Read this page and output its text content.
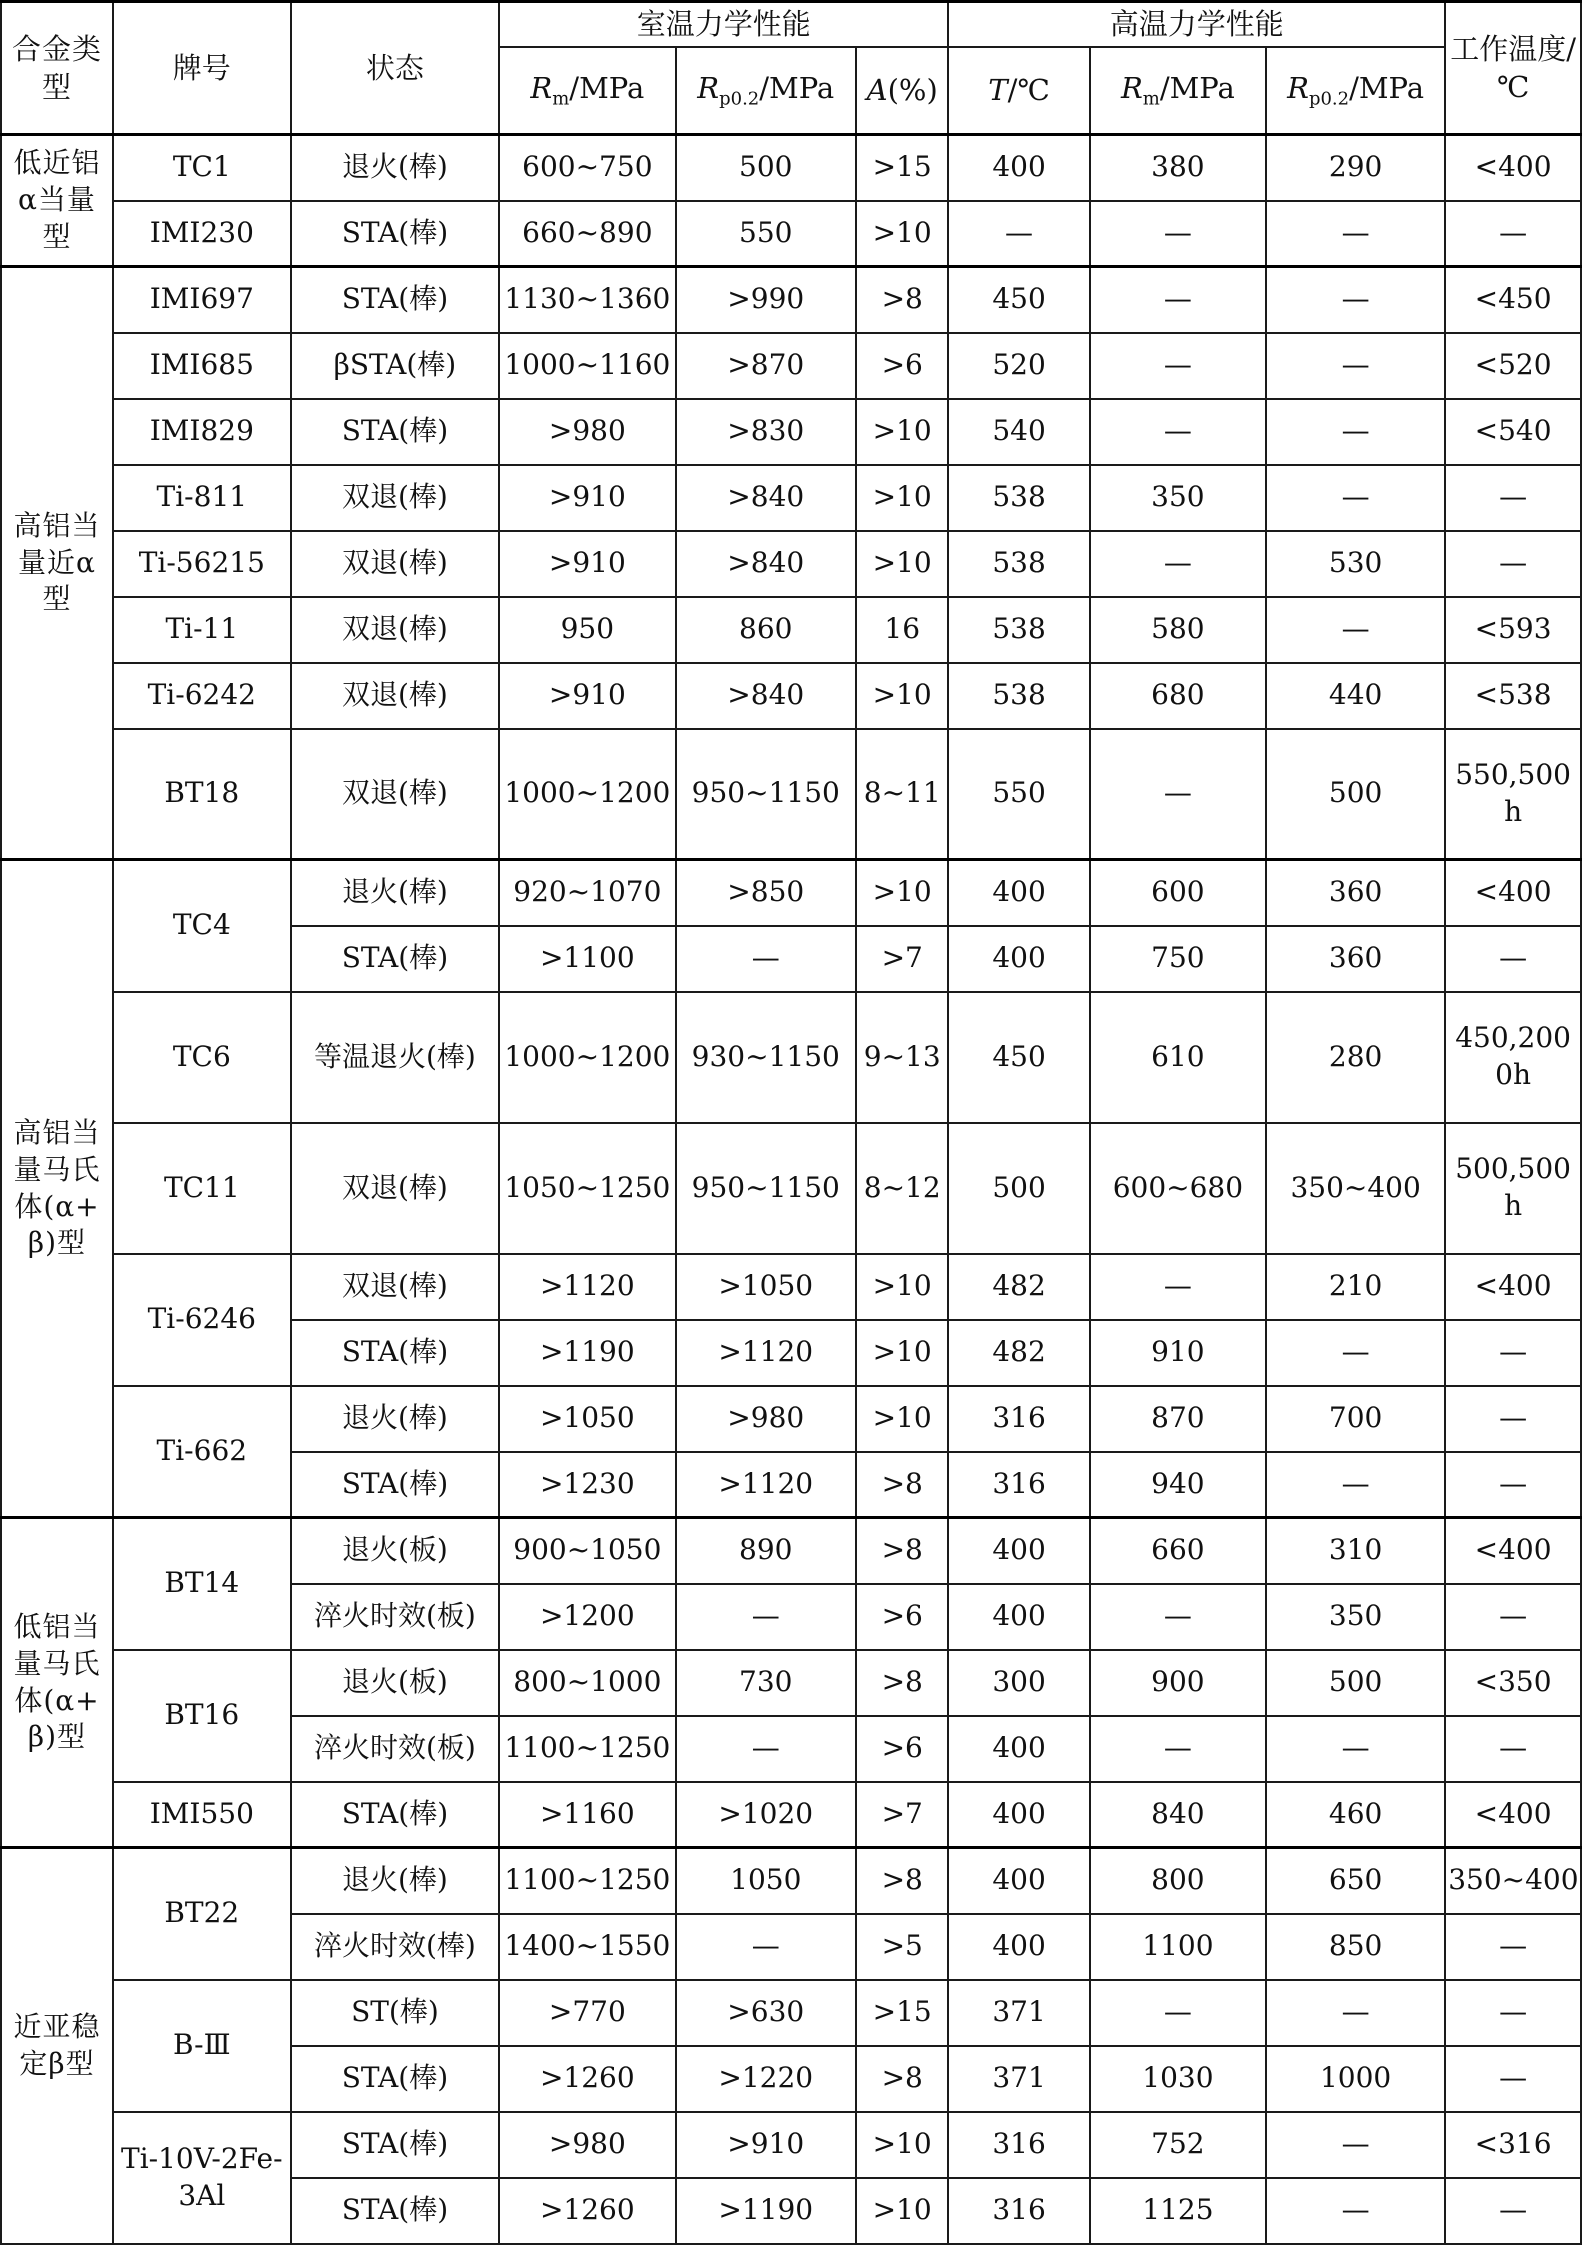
合金类型	牌号	状态	室温力学性能			高温力学性能			工作温度/℃
			$R_m$/MPa	$R_{p0.2}$/MPa	A(%)	T/℃	$R_m$/MPa	$R_{p0.2}$/MPa	
低近铝α当量型	TC1	退火(棒)	600~750	500	>15	400	380	290	<400
	IMI230	STA(棒)	660~890	550	>10	—	—	—	—
高铝当量近α型	IMI697	STA(棒)	1130~1360	>990	>8	450	—	—	<450
	IMI685	βSTA(棒)	1000~1160	>870	>6	520	—	—	<520
	IMI829	STA(棒)	>980	>830	>10	540	—	—	<540
	Ti-811	双退(棒)	>910	>840	>10	538	350	—	—
	Ti-56215	双退(棒)	>910	>840	>10	538	—	530	—
	Ti-11	双退(棒)	950	860	16	538	580	—	<593
	Ti-6242	双退(棒)	>910	>840	>10	538	680	440	<538
	BT18	双退(棒)	1000~1200	950~1150	8~11	550	—	500	550,500h
高铝当量马氏体(α+β)型	TC4	退火(棒)	920~1070	>850	>10	400	600	360	<400
		STA(棒)	>1100	—	>7	400	750	360	—
	TC6	等温退火(棒)	1000~1200	930~1150	9~13	450	610	280	450,2000h
	TC11	双退(棒)	1050~1250	950~1150	8~12	500	600~680	350~400	500,500h
	Ti-6246	双退(棒)	>1120	>1050	>10	482	—	210	<400
		STA(棒)	>1190	>1120	>10	482	910	—	—
	Ti-662	退火(棒)	>1050	>980	>10	316	870	700	—
		STA(棒)	>1230	>1120	>8	316	940	—	—
低铝当量马氏体(α+β)型	BT14	退火(板)	900~1050	890	>8	400	660	310	<400
		淬火时效(板)	>1200	—	>6	400	—	350	—
	BT16	退火(板)	800~1000	730	>8	300	900	500	<350
		淬火时效(板)	1100~1250	—	>6	400	—	—	—
	IMI550	STA(棒)	>1160	>1020	>7	400	840	460	<400
近亚稳定β型	BT22	退火(棒)	1100~1250	1050	>8	400	800	650	350~400
		淬火时效(棒)	1400~1550	—	>5	400	1100	850	—
	B-Ⅲ	ST(棒)	>770	>630	>15	371	—	—	—
		STA(棒)	>1260	>1220	>8	371	1030	1000	—
	Ti-10V-2Fe-3Al	STA(棒)	>980	>910	>10	316	752	—	<316
		STA(棒)	>1260	>1190	>10	316	1125	—	—
